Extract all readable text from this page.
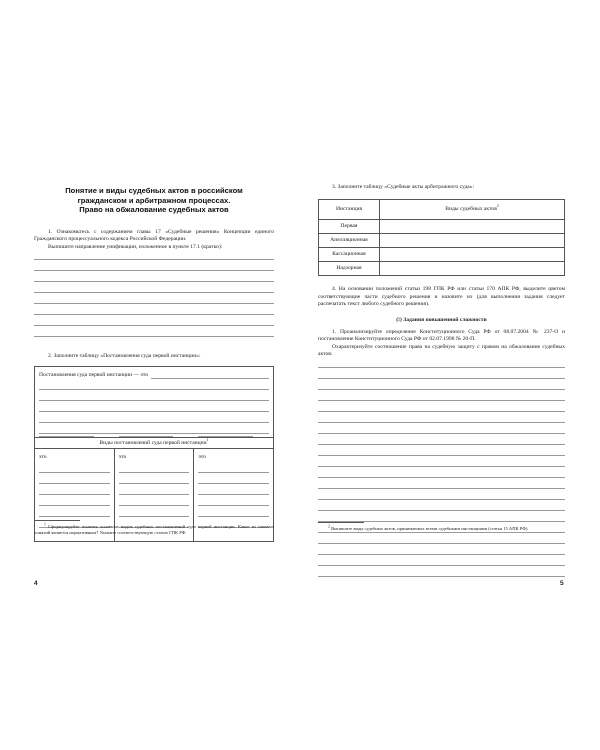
Понятие и виды судебных актов в российском
гражданском и арбитражном процессах.
Право на обжалование судебных актов

1. Ознакомьтесь с содержанием главы 17 «Судебные решения» Концепции единого Гражданского процессуального кодекса Российской Федерации.

Выпишите направление унификации, изложенное в пункте 17.1 (кратко):

2. Заполните таблицу «Постановления суда первой инстанции»:

Постановления суда первой инстанции — это
Виды постановлений суда первой инстанции$^1$
это	это	это

$^1$ Сформулируйте понятия основных видов судебных постановлений суда первой инстанции. Какое из таковых понятий является нормативным? Укажите соответствующую статью ГПК РФ.

4

3. Заполните таблицу «Судебные акты арбитражного суда»:

Инстанция	Виды судебных актов$^2$
Первая	
Апелляционная	
Кассационная	
Надзорная	

4. На основании положений статьи 198 ГПК РФ или статьи 170 АПК РФ, выделите цветом соответствующие части судебного решения и назовите их (для выполнения задания следует распечатать текст любого судебного решения).

(!) Задания повышенной сложности

1. Проанализируйте определение Конституционного Суда РФ от 08.07.2004 № 237-О и постановление Конституционного Суда РФ от 02.07.1998 № 20-П.

Охарактеризуйте соотношение права на судебную защиту с правом на обжалование судебных актов:

$^2$ Выпишите виды судебных актов, принимаемых всеми судебными инстанциями (статья 15 АПК РФ).

5
